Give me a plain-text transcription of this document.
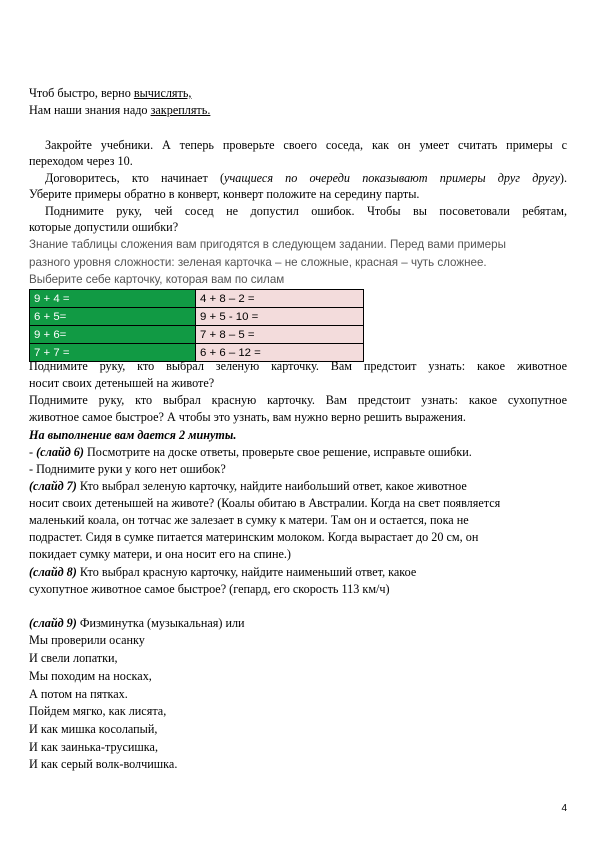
Чтоб быстро, верно вычислять,
Нам наши знания надо закреплять.
Закройте учебники. А теперь проверьте своего соседа, как он умеет считать примеры с
переходом через 10.
Договоритесь, кто начинает (учащиеся по очереди показывают примеры друг другу).
Уберите примеры обратно в конверт, конверт положите на середину парты.
Поднимите руку, чей сосед не допустил ошибок. Чтобы вы посоветовали ребятам,
которые допустили ошибки?
Знание таблицы сложения вам пригодятся в следующем задании. Перед вами примеры
разного уровня сложности: зеленая карточка – не сложные, красная – чуть сложнее.
Выберите себе карточку, которая вам по силам
9 + 4 =	4 + 8 – 2 =
6 + 5=	9 + 5 - 10 =
9 + 6=	7 + 8 – 5 =
7 + 7 =	6 + 6 – 12 =
Поднимите руку, кто выбрал зеленую карточку. Вам предстоит узнать: какое животное
носит своих детенышей на животе?
Поднимите руку, кто выбрал красную карточку. Вам предстоит узнать: какое сухопутное
животное самое быстрое? А чтобы это узнать, вам нужно верно решить выражения.
На выполнение вам дается 2 минуты.
- (слайд 6) Посмотрите на доске ответы, проверьте свое решение, исправьте ошибки.
- Поднимите руки у кого нет ошибок?
(слайд 7) Кто выбрал зеленую карточку, найдите наибольший ответ, какое животное
носит своих детенышей на животе? (Коалы обитаю в Австралии. Когда на свет появляется
маленький коала, он тотчас же залезает в сумку к матери. Там он и остается, пока не
подрастет. Сидя в сумке питается материнским молоком. Когда вырастает до 20 см, он
покидает сумку матери, и она носит его на спине.)
(слайд 8) Кто выбрал красную карточку, найдите наименьший ответ, какое
сухопутное животное самое быстрое? (гепард, его скорость 113 км/ч)
(слайд 9) Физминутка (музыкальная) или
Мы проверили осанку
И свели лопатки,
Мы походим на носках,
А потом на пятках.
Пойдем мягко, как лисята,
И как мишка косолапый,
И как заинька-трусишка,
И как серый волк-волчишка.
4
